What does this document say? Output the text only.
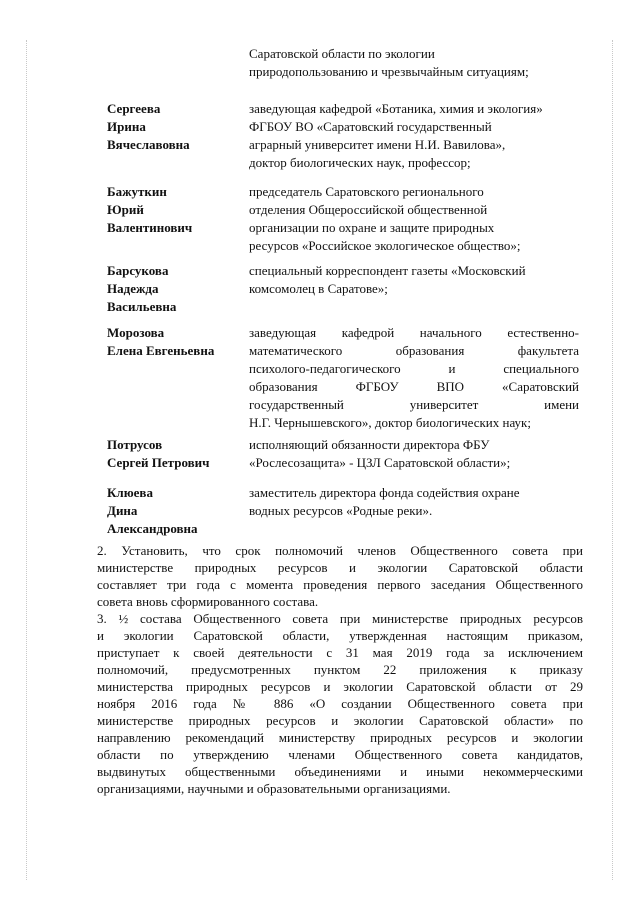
Саратовской области по экологии
природопользованию и чрезвычайным ситуациям;
Сергеева
Ирина
Вячеславовна
заведующая кафедрой «Ботаника, химия и экология»
ФГБОУ ВО «Саратовский государственный
аграрный университет имени Н.И. Вавилова»,
доктор биологических наук, профессор;
Бажуткин
Юрий
Валентинович
председатель Саратовского регионального
отделения Общероссийской общественной
организации по охране и защите природных
ресурсов «Российское экологическое общество»;
Барсукова
Надежда
Васильевна
специальный корреспондент газеты «Московский
комсомолец в Саратове»;
Морозова
Елена Евгеньевна
заведующая кафедрой начального естественно-
математического образования факультета
психолого-педагогического и специального
образования ФГБОУ ВПО «Саратовский
государственный университет имени
Н.Г. Чернышевского», доктор биологических наук;
Потрусов
Сергей Петрович
исполняющий обязанности директора ФБУ
«Рослесозащита» - ЦЗЛ Саратовской области»;
Клюева
Дина
Александровна
заместитель директора фонда содействия охране
водных ресурсов «Родные реки».
2. Установить, что срок полномочий членов Общественного совета при
министерстве природных ресурсов и экологии Саратовской области
составляет три года с момента проведения первого заседания Общественного
совета вновь сформированного состава.
3. ½ состава Общественного совета при министерстве природных ресурсов
и экологии Саратовской области, утвержденная настоящим приказом,
приступает к своей деятельности с 31 мая 2019 года за исключением
полномочий, предусмотренных пунктом 22 приложения к приказу
министерства природных ресурсов и экологии Саратовской области от 29
ноября 2016 года № 886 «О создании Общественного совета при
министерстве природных ресурсов и экологии Саратовской области» по
направлению рекомендаций министерству природных ресурсов и экологии
области по утверждению членами Общественного совета кандидатов,
выдвинутых общественными объединениями и иными некоммерческими
организациями, научными и образовательными организациями.
